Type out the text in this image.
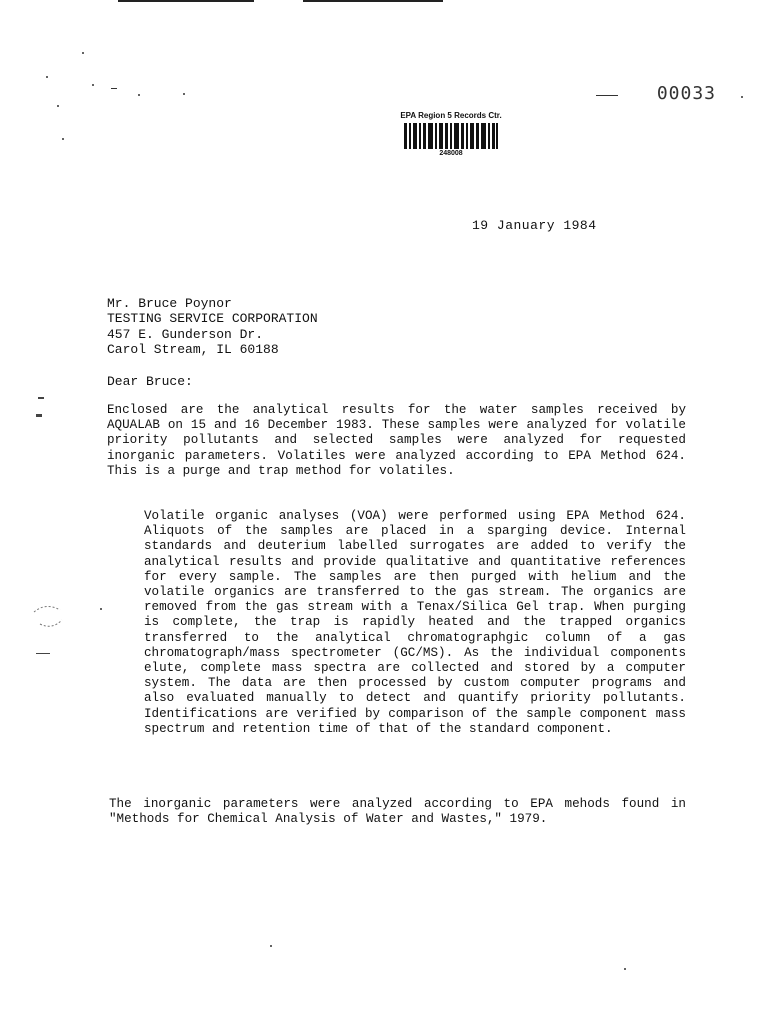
00033
EPA Region 5 Records Ctr.
248008
19 January 1984
Mr. Bruce Poynor
TESTING SERVICE CORPORATION
457 E. Gunderson Dr.
Carol Stream, IL 60188
Dear Bruce:
Enclosed are the analytical results for the water samples received by AQUALAB on 15 and 16 December 1983. These samples were analyzed for volatile priority pollutants and selected samples were analyzed for requested inorganic parameters. Volatiles were analyzed according to EPA Method 624. This is a purge and trap method for volatiles.
Volatile organic analyses (VOA) were performed using EPA Method 624. Aliquots of the samples are placed in a sparging device. Internal standards and deuterium labelled surrogates are added to verify the analytical results and provide qualitative and quantitative references for every sample. The samples are then purged with helium and the volatile organics are transferred to the gas stream. The organics are removed from the gas stream with a Tenax/Silica Gel trap. When purging is complete, the trap is rapidly heated and the trapped organics transferred to the analytical chromatographgic column of a gas chromatograph/mass spectrometer (GC/MS). As the individual components elute, complete mass spectra are collected and stored by a computer system. The data are then processed by custom computer programs and also evaluated manually to detect and quantify priority pollutants. Identifications are verified by comparison of the sample component mass spectrum and retention time of that of the standard component.
The inorganic parameters were analyzed according to EPA mehods found in "Methods for Chemical Analysis of Water and Wastes," 1979.
